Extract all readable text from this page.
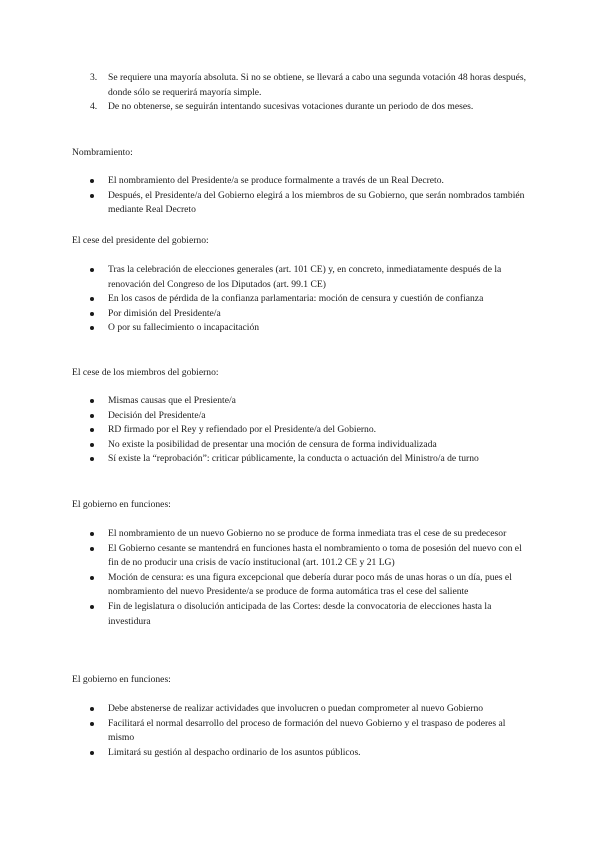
3. Se requiere una mayoría absoluta. Si no se obtiene, se llevará a cabo una segunda votación 48 horas después, donde sólo se requerirá mayoría simple.
4. De no obtenerse, se seguirán intentando sucesivas votaciones durante un periodo de dos meses.

Nombramiento:

El nombramiento del Presidente/a se produce formalmente a través de un Real Decreto.
Después, el Presidente/a del Gobierno elegirá a los miembros de su Gobierno, que serán nombrados también mediante Real Decreto

El cese del presidente del gobierno:

Tras la celebración de elecciones generales (art. 101 CE) y, en concreto, inmediatamente después de la renovación del Congreso de los Diputados (art. 99.1 CE)
En los casos de pérdida de la confianza parlamentaria: moción de censura y cuestión de confianza
Por dimisión del Presidente/a
O por su fallecimiento o incapacitación

El cese de los miembros del gobierno:

Mismas causas que el Presiente/a
Decisión del Presidente/a
RD firmado por el Rey y refiendado por el Presidente/a del Gobierno.
No existe la posibilidad de presentar una moción de censura de forma individualizada
Sí existe la “reprobación”: criticar públicamente, la conducta o actuación del Ministro/a de turno

El gobierno en funciones:

El nombramiento de un nuevo Gobierno no se produce de forma inmediata tras el cese de su predecesor
El Gobierno cesante se mantendrá en funciones hasta el nombramiento o toma de posesión del nuevo con el fin de no producir una crisis de vacío institucional (art. 101.2 CE y 21 LG)
Moción de censura: es una figura excepcional que debería durar poco más de unas horas o un día, pues el nombramiento del nuevo Presidente/a se produce de forma automática tras el cese del saliente
Fin de legislatura o disolución anticipada de las Cortes: desde la convocatoria de elecciones hasta la investidura

El gobierno en funciones:

Debe abstenerse de realizar actividades que involucren o puedan comprometer al nuevo Gobierno
Facilitará el normal desarrollo del proceso de formación del nuevo Gobierno y el traspaso de poderes al mismo
Limitará su gestión al despacho ordinario de los asuntos públicos.
